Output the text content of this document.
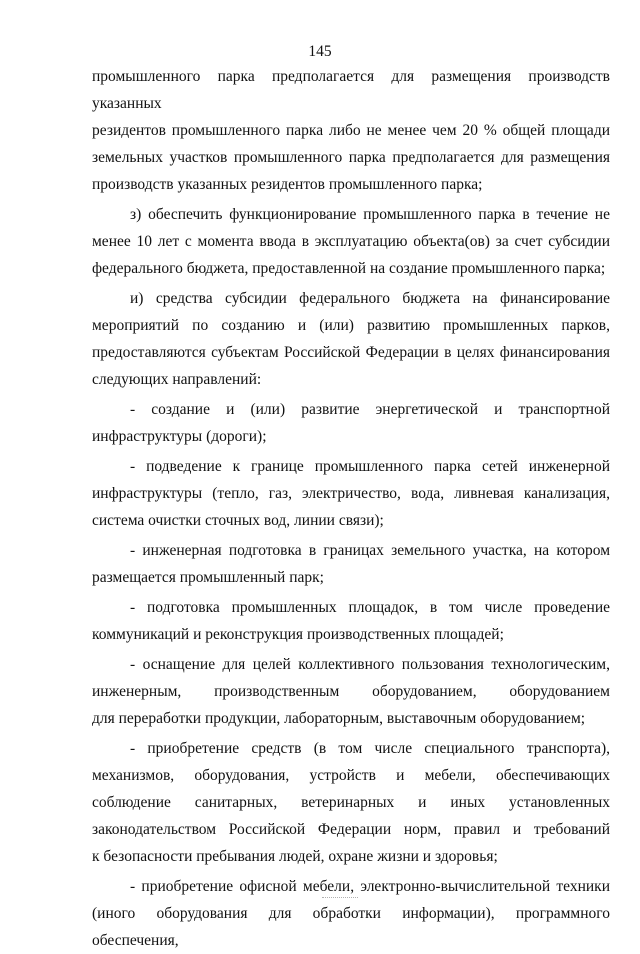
145
промышленного парка предполагается для размещения производств указанных
резидентов промышленного парка либо не менее чем 20 % общей площади
земельных участков промышленного парка предполагается для размещения
производств указанных резидентов промышленного парка;
з) обеспечить функционирование промышленного парка в течение не
менее 10 лет с момента ввода в эксплуатацию объекта(ов) за счет субсидии
федерального бюджета, предоставленной на создание промышленного парка;
и) средства субсидии федерального бюджета на финансирование
мероприятий по созданию и (или) развитию промышленных парков,
предоставляются субъектам Российской Федерации в целях финансирования
следующих направлений:
- создание и (или) развитие энергетической и транспортной
инфраструктуры (дороги);
- подведение к границе промышленного парка сетей инженерной
инфраструктуры (тепло, газ, электричество, вода, ливневая канализация,
система очистки сточных вод, линии связи);
- инженерная подготовка в границах земельного участка, на котором
размещается промышленный парк;
- подготовка промышленных площадок, в том числе проведение
коммуникаций и реконструкция производственных площадей;
- оснащение для целей коллективного пользования технологическим,
инженерным, производственным оборудованием, оборудованием
для переработки продукции, лабораторным, выставочным оборудованием;
- приобретение средств (в том числе специального транспорта),
механизмов, оборудования, устройств и мебели, обеспечивающих
соблюдение санитарных, ветеринарных и иных установленных
законодательством Российской Федерации норм, правил и требований
к безопасности пребывания людей, охране жизни и здоровья;
- приобретение офисной мебели, электронно-вычислительной техники
(иного оборудования для обработки информации), программного обеспечения,
